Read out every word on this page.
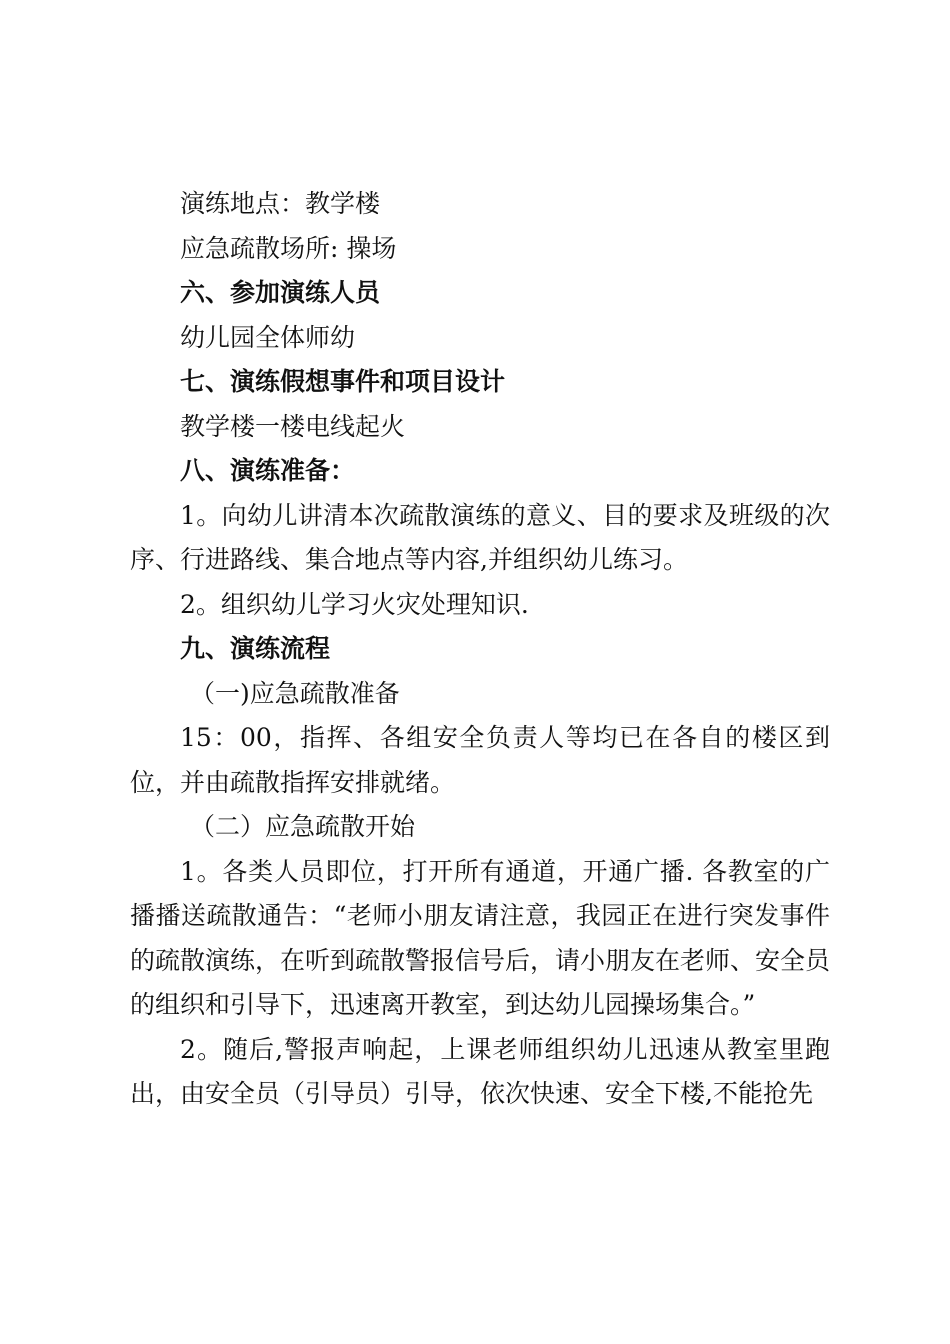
演练地点：教学楼
应急疏散场所: 操场
六、参加演练人员
幼儿园全体师幼
七、演练假想事件和项目设计
教学楼一楼电线起火
八、演练准备：

1。向幼儿讲清本次疏散演练的意义、目的要求及班级的次序、行进路线、集合地点等内容,并组织幼儿练习。

2。组织幼儿学习火灾处理知识.
九、演练流程
（一)应急疏散准备

15：00，指挥、各组安全负责人等均已在各自的楼区到位，并由疏散指挥安排就绪。

（二）应急疏散开始

1。各类人员即位，打开所有通道，开通广播. 各教室的广播播送疏散通告：“老师小朋友请注意，我园正在进行突发事件的疏散演练，在听到疏散警报信号后，请小朋友在老师、安全员的组织和引导下，迅速离开教室，到达幼儿园操场集合。”

2。随后,警报声响起，上课老师组织幼儿迅速从教室里跑出，由安全员（引导员）引导，依次快速、安全下楼,不能抢先
